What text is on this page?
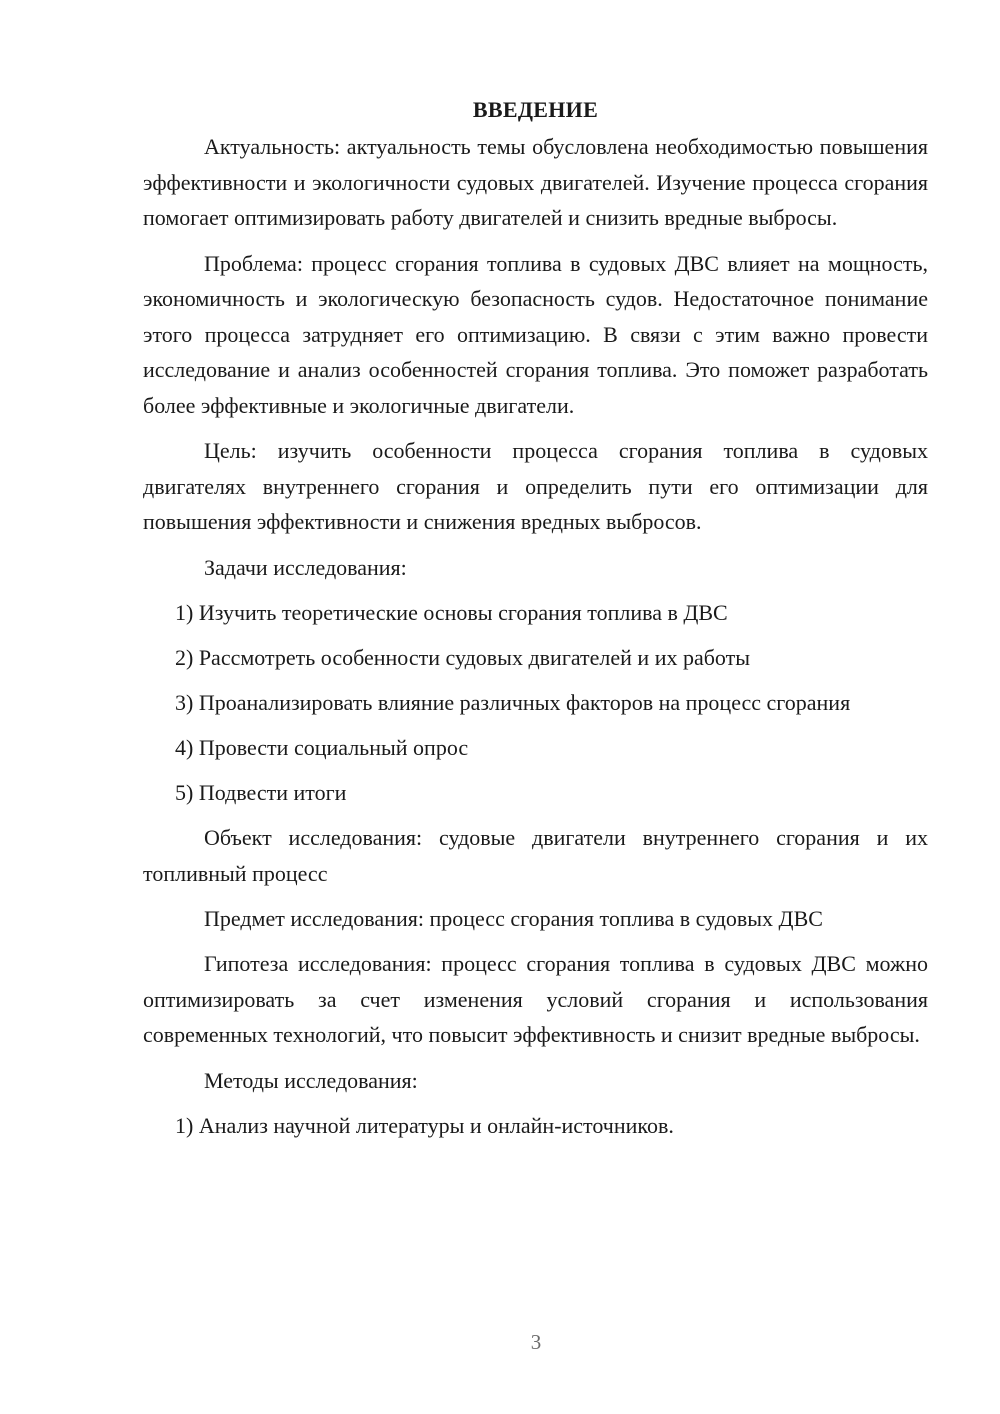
ВВЕДЕНИЕ

Актуальность: актуальность темы обусловлена необходимостью повышения эффективности и экологичности судовых двигателей. Изучение процесса сгорания помогает оптимизировать работу двигателей и снизить вредные выбросы.

Проблема: процесс сгорания топлива в судовых ДВС влияет на мощность, экономичность и экологическую безопасность судов. Недостаточное понимание этого процесса затрудняет его оптимизацию. В связи с этим важно провести исследование и анализ особенностей сгорания топлива. Это поможет разработать более эффективные и экологичные двигатели.

Цель: изучить особенности процесса сгорания топлива в судовых двигателях внутреннего сгорания и определить пути его оптимизации для повышения эффективности и снижения вредных выбросов.

Задачи исследования:

1) Изучить теоретические основы сгорания топлива в ДВС

2) Рассмотреть особенности судовых двигателей и их работы

3) Проанализировать влияние различных факторов на процесс сгорания

4) Провести социальный опрос

5) Подвести итоги

Объект исследования: судовые двигатели внутреннего сгорания и их топливный процесс

Предмет исследования: процесс сгорания топлива в судовых ДВС

Гипотеза исследования: процесс сгорания топлива в судовых ДВС можно оптимизировать за счет изменения условий сгорания и использования современных технологий, что повысит эффективность и снизит вредные выбросы.

Методы исследования:

1) Анализ научной литературы и онлайн-источников.

3
